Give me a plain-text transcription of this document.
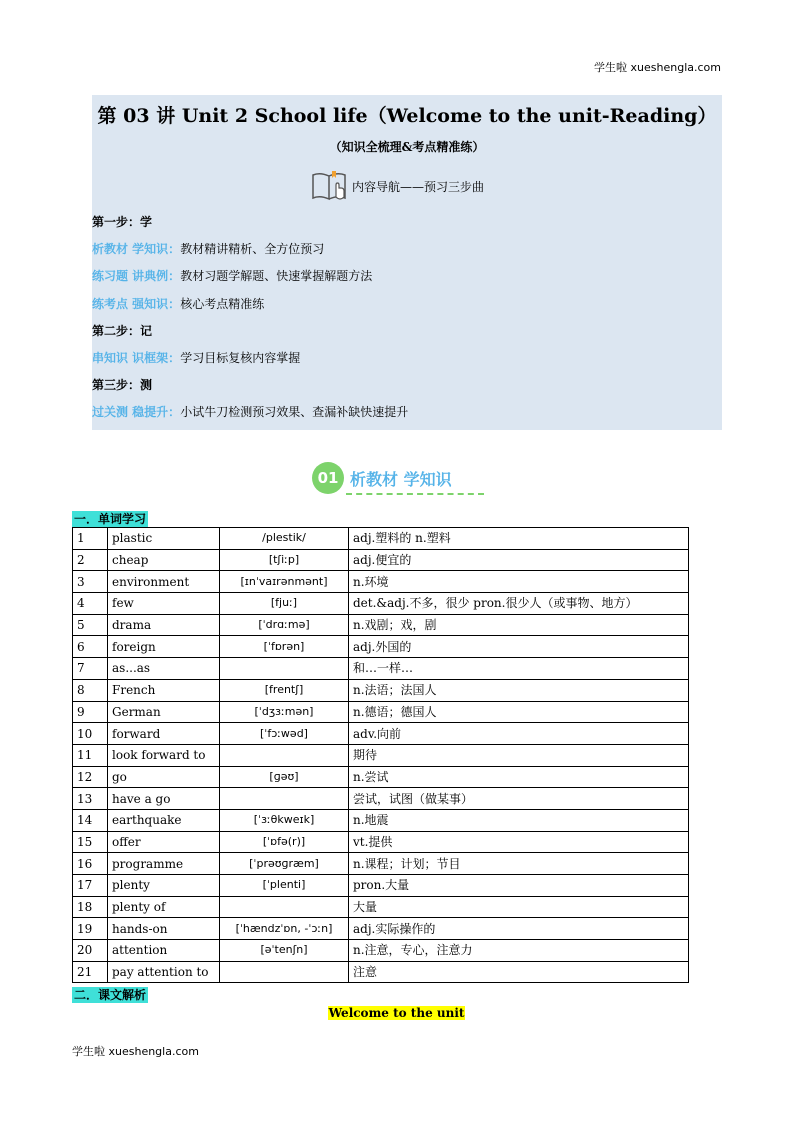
学生啦 xueshengla.com
第 03 讲 Unit 2 School life（Welcome to the unit-Reading）
（知识全梳理&考点精准练）
内容导航——预习三步曲
第一步：学
析教材 学知识：教材精讲精析、全方位预习
练习题 讲典例：教材习题学解题、快速掌握解题方法
练考点 强知识：核心考点精准练
第二步：记
串知识 识框架：学习目标复核内容掌握
第三步：测
过关测 稳提升：小试牛刀检测预习效果、查漏补缺快速提升
01 析教材 学知识
一．单词学习
1	plastic	/plestik/	adj.塑料的 n.塑料
2	cheap	[tʃiːp]	adj.便宜的
3	environment	[ɪnˈvaɪrənmənt]	n.环境
4	few	[fjuː]	det.&adj.不多，很少 pron.很少人（或事物、地方）
5	drama	[ˈdrɑːmə]	n.戏剧；戏，剧
6	foreign	[ˈfɒrən]	adj.外国的
7	as...as		和…一样…
8	French	[frentʃ]	n.法语；法国人
9	German	[ˈdʒɜːmən]	n.德语；德国人
10	forward	[ˈfɔːwəd]	adv.向前
11	look forward to		期待
12	go	[ɡəʊ]	n.尝试
13	have a go		尝试，试图（做某事）
14	earthquake	[ˈɜːθkweɪk]	n.地震
15	offer	[ˈɒfə(r)]	vt.提供
16	programme	[ˈprəʊɡræm]	n.课程；计划；节目
17	plenty	[ˈplenti]	pron.大量
18	plenty of		大量
19	hands-on	[ˈhændzˈɒn, -ˈɔːn]	adj.实际操作的
20	attention	[əˈtenʃn]	n.注意，专心，注意力
21	pay attention to		注意
二．课文解析
Welcome to the unit
学生啦 xueshengla.com
